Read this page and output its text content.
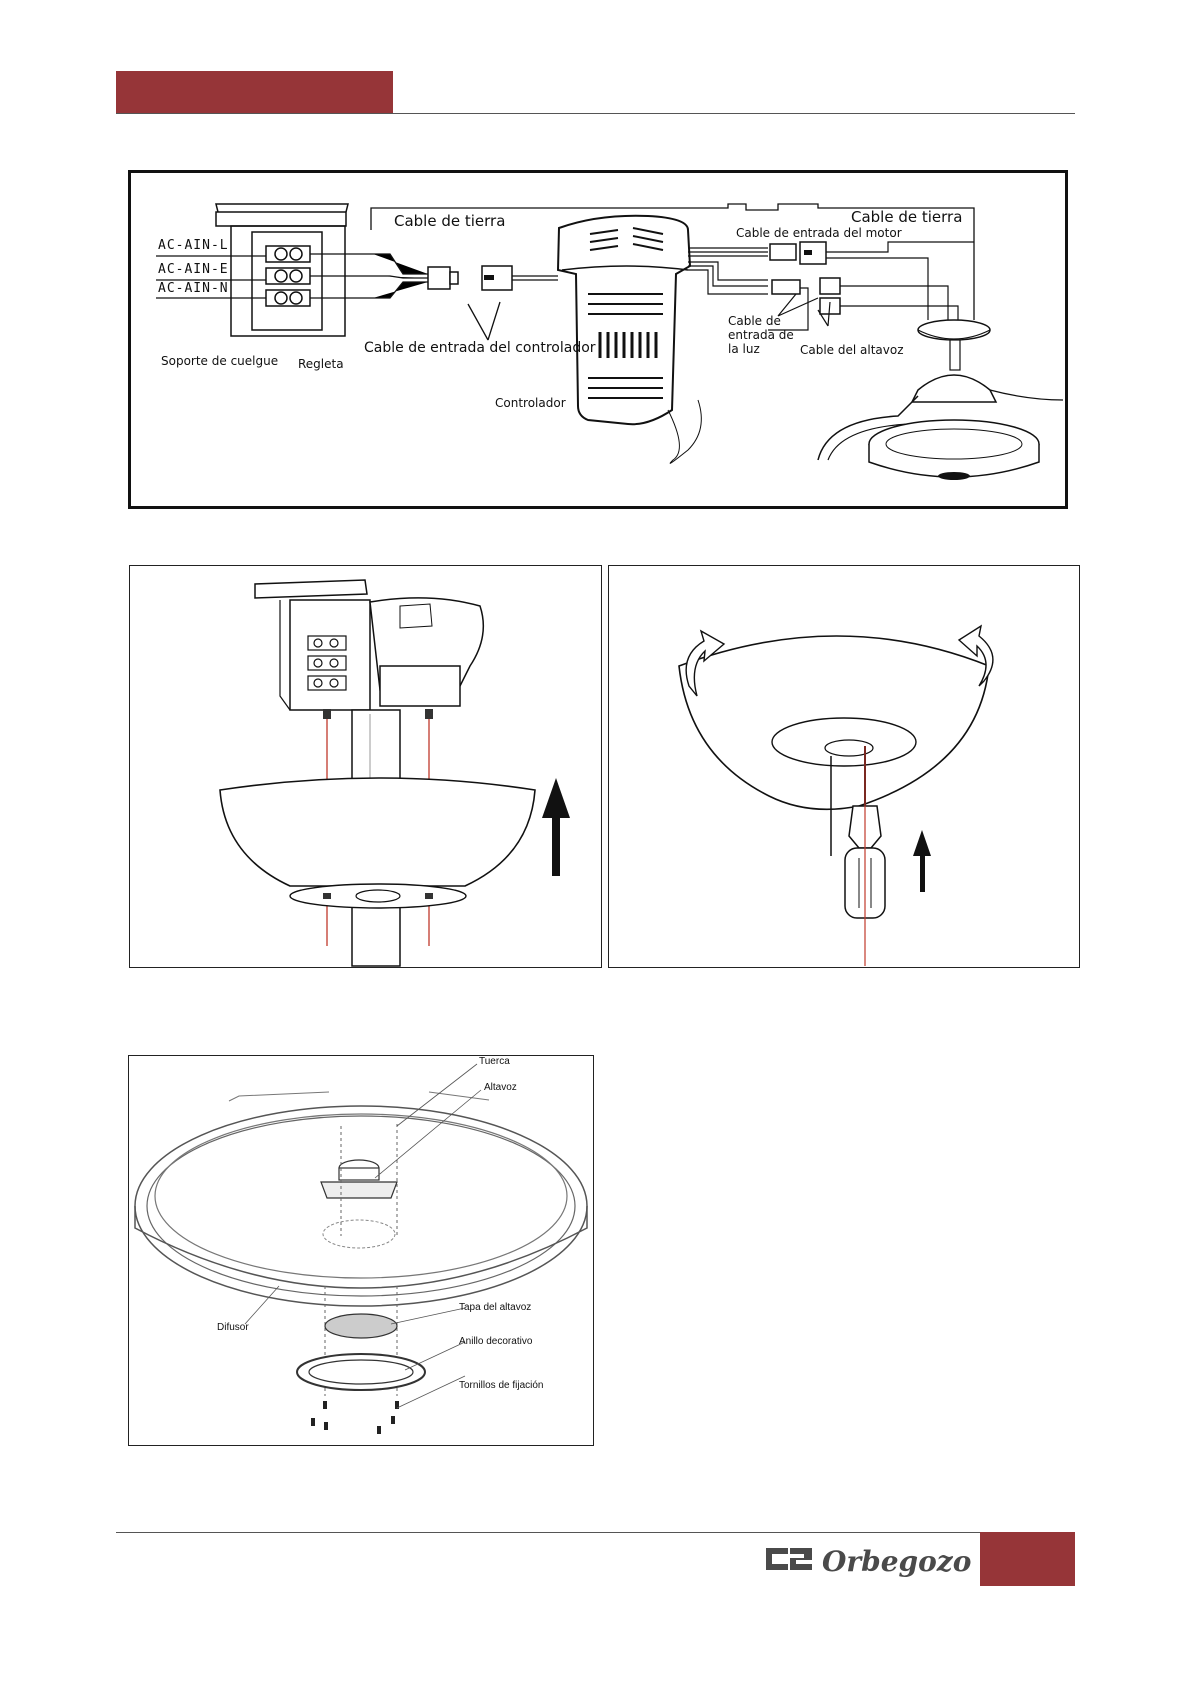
AC-AIN-L
AC-AIN-E
AC-AIN-N
Cable de tierra	Cable de tierra
Cable de entrada del motor
Cable de
entrada de
la luz	Cable del altavoz
Cable de entrada del controlador
Soporte de cuelgue Regleta
Controlador
Tuerca
Altavoz
Difusor
Tapa del altavoz
Anillo decorativo
Tornillos de fijación
Orbegozo
